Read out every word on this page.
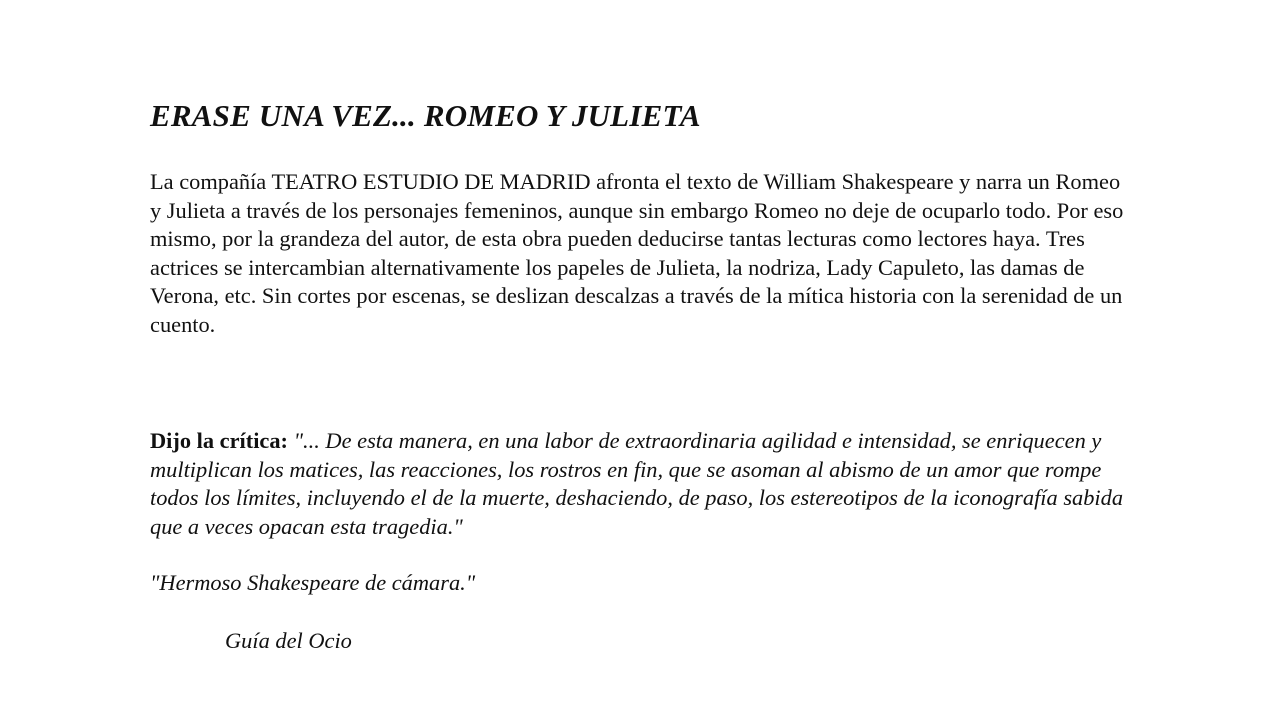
ERASE UNA VEZ... ROMEO Y JULIETA

La compañía TEATRO ESTUDIO DE MADRID afronta el texto de William Shakespeare y narra un Romeo y Julieta a través de los personajes femeninos, aunque sin embargo Romeo no deje de ocuparlo todo. Por eso mismo, por la grandeza del autor, de esta obra pueden deducirse tantas lecturas como lectores haya. Tres actrices se intercambian alternativamente los papeles de Julieta, la nodriza, Lady Capuleto, las damas de Verona, etc. Sin cortes por escenas, se deslizan descalzas a través de la mítica historia con la serenidad de un cuento.

Dijo la crítica: "... De esta manera, en una labor de extraordinaria agilidad e intensidad, se enriquecen y multiplican los matices, las reacciones, los rostros en fin, que se asoman al abismo de un amor que rompe todos los límites, incluyendo el de la muerte, deshaciendo, de paso, los estereotipos de la iconografía sabida que a veces opacan esta tragedia."

"Hermoso Shakespeare de cámara."

Guía del Ocio
